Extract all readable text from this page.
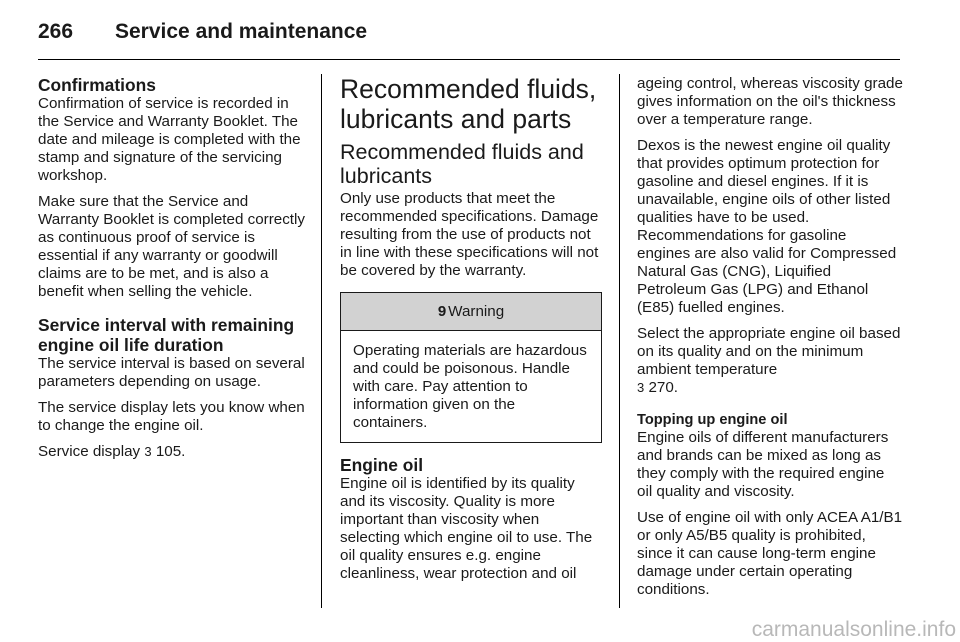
266 Service and maintenance
Confirmations

Confirmation of service is recorded in the Service and Warranty Booklet. The date and mileage is completed with the stamp and signature of the servicing workshop.

Make sure that the Service and Warranty Booklet is completed correctly as continuous proof of service is essential if any warranty or goodwill claims are to be met, and is also a benefit when selling the vehicle.

Service interval with remaining engine oil life duration

The service interval is based on several parameters depending on usage.

The service display lets you know when to change the engine oil.

Service display 3 105.

Recommended fluids, lubricants and parts
Recommended fluids and lubricants

Only use products that meet the recommended specifications. Damage resulting from the use of products not in line with these specifications will not be covered by the warranty.

9 Warning
Operating materials are hazardous and could be poisonous. Handle with care. Pay attention to information given on the containers.
Engine oil

Engine oil is identified by its quality and its viscosity. Quality is more important than viscosity when selecting which engine oil to use. The oil quality ensures e.g. engine cleanliness, wear protection and oil

ageing control, whereas viscosity grade gives information on the oil's thickness over a temperature range.

Dexos is the newest engine oil quality that provides optimum protection for gasoline and diesel engines. If it is unavailable, engine oils of other listed qualities have to be used. Recommendations for gasoline engines are also valid for Compressed Natural Gas (CNG), Liquified Petroleum Gas (LPG) and Ethanol (E85) fuelled engines.

Select the appropriate engine oil based on its quality and on the minimum ambient temperature
3 270.

Topping up engine oil

Engine oils of different manufacturers and brands can be mixed as long as they comply with the required engine oil quality and viscosity.

Use of engine oil with only ACEA A1/B1 or only A5/B5 quality is prohibited, since it can cause long-term engine damage under certain operating conditions.

carmanualsonline.info
